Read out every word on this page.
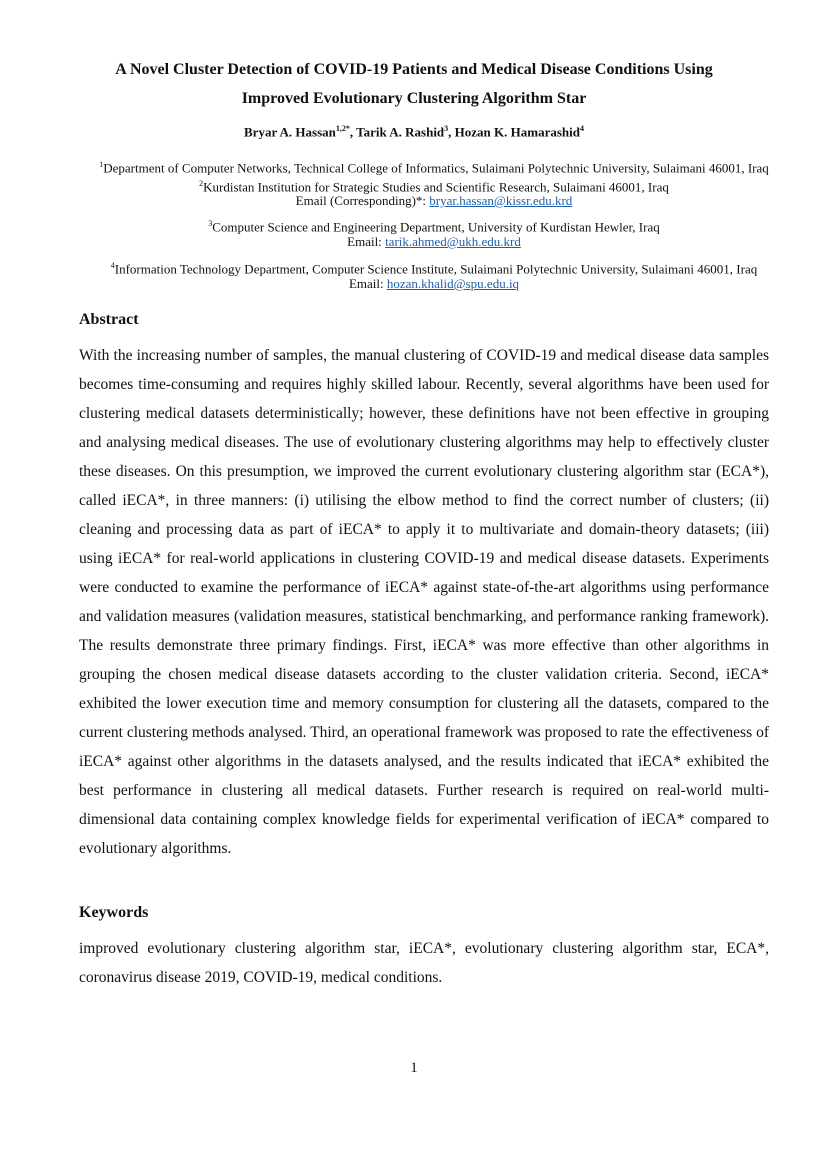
A Novel Cluster Detection of COVID-19 Patients and Medical Disease Conditions Using
Improved Evolutionary Clustering Algorithm Star
Bryar A. Hassan$^{1,2*}$, Tarik A. Rashid$^3$, Hozan K. Hamarashid$^4$
$^1$Department of Computer Networks, Technical College of Informatics, Sulaimani Polytechnic University, Sulaimani 46001, Iraq
$^2$Kurdistan Institution for Strategic Studies and Scientific Research, Sulaimani 46001, Iraq
Email (Corresponding)*: bryar.hassan@kissr.edu.krd
$^3$Computer Science and Engineering Department, University of Kurdistan Hewler, Iraq
Email: tarik.ahmed@ukh.edu.krd
$^4$Information Technology Department, Computer Science Institute, Sulaimani Polytechnic University, Sulaimani 46001, Iraq
Email: hozan.khalid@spu.edu.iq
Abstract
With the increasing number of samples, the manual clustering of COVID-19 and medical disease data samples becomes time-consuming and requires highly skilled labour. Recently, several algorithms have been used for clustering medical datasets deterministically; however, these definitions have not been effective in grouping and analysing medical diseases. The use of evolutionary clustering algorithms may help to effectively cluster these diseases. On this presumption, we improved the current evolutionary clustering algorithm star (ECA*), called iECA*, in three manners: (i) utilising the elbow method to find the correct number of clusters; (ii) cleaning and processing data as part of iECA* to apply it to multivariate and domain-theory datasets; (iii) using iECA* for real-world applications in clustering COVID-19 and medical disease datasets. Experiments were conducted to examine the performance of iECA* against state-of-the-art algorithms using performance and validation measures (validation measures, statistical benchmarking, and performance ranking framework). The results demonstrate three primary findings. First, iECA* was more effective than other algorithms in grouping the chosen medical disease datasets according to the cluster validation criteria. Second, iECA* exhibited the lower execution time and memory consumption for clustering all the datasets, compared to the current clustering methods analysed. Third, an operational framework was proposed to rate the effectiveness of iECA* against other algorithms in the datasets analysed, and the results indicated that iECA* exhibited the best performance in clustering all medical datasets. Further research is required on real-world multi-dimensional data containing complex knowledge fields for experimental verification of iECA* compared to evolutionary algorithms.
Keywords
improved evolutionary clustering algorithm star, iECA*, evolutionary clustering algorithm star, ECA*, coronavirus disease 2019, COVID-19, medical conditions.
1
